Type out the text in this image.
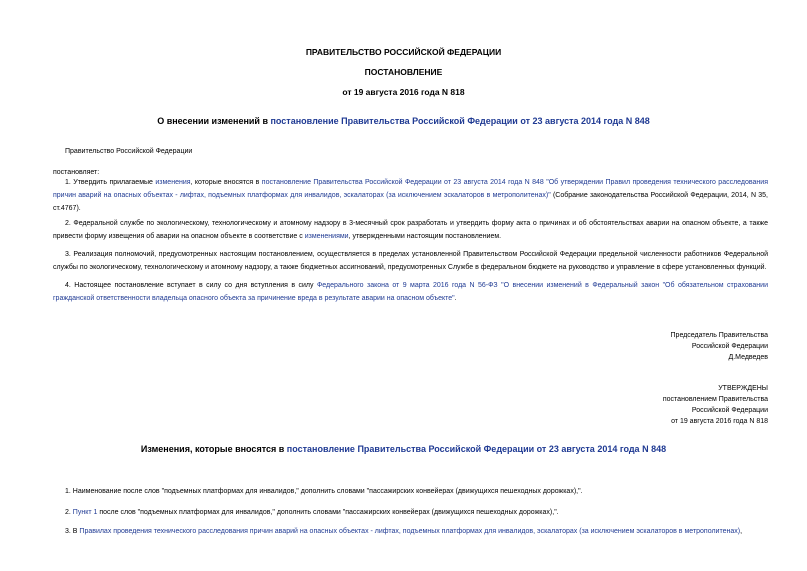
ПРАВИТЕЛЬСТВО РОССИЙСКОЙ ФЕДЕРАЦИИ
ПОСТАНОВЛЕНИЕ
от 19 августа 2016 года N 818
О внесении изменений в постановление Правительства Российской Федерации от 23 августа 2014 года N 848
Правительство Российской Федерации
постановляет:
1. Утвердить прилагаемые изменения, которые вносятся в постановление Правительства Российской Федерации от 23 августа 2014 года N 848 "Об утверждении Правил проведения технического расследования причин аварий на опасных объектах - лифтах, подъемных платформах для инвалидов, эскалаторах (за исключением эскалаторов в метрополитенах)" (Собрание законодательства Российской Федерации, 2014, N 35, ст.4767).
2. Федеральной службе по экологическому, технологическому и атомному надзору в 3-месячный срок разработать и утвердить форму акта о причинах и об обстоятельствах аварии на опасном объекте, а также привести форму извещения об аварии на опасном объекте в соответствие с изменениями, утвержденными настоящим постановлением.
3. Реализация полномочий, предусмотренных настоящим постановлением, осуществляется в пределах установленной Правительством Российской Федерации предельной численности работников Федеральной службы по экологическому, технологическому и атомному надзору, а также бюджетных ассигнований, предусмотренных Службе в федеральном бюджете на руководство и управление в сфере установленных функций.
4. Настоящее постановление вступает в силу со дня вступления в силу Федерального закона от 9 марта 2016 года N 56-ФЗ "О внесении изменений в Федеральный закон "Об обязательном страховании гражданской ответственности владельца опасного объекта за причинение вреда в результате аварии на опасном объекте".
Председатель Правительства
Российской Федерации
Д.Медведев
УТВЕРЖДЕНЫ
постановлением Правительства
Российской Федерации
от 19 августа 2016 года N 818
Изменения, которые вносятся в постановление Правительства Российской Федерации от 23 августа 2014 года N 848
1. Наименование после слов "подъемных платформах для инвалидов," дополнить словами "пассажирских конвейерах (движущихся пешеходных дорожках),".
2. Пункт 1 после слов "подъемных платформах для инвалидов," дополнить словами "пассажирских конвейерах (движущихся пешеходных дорожках),".
3. В Правилах проведения технического расследования причин аварий на опасных объектах - лифтах, подъемных платформах для инвалидов, эскалаторах (за исключением эскалаторов в метрополитенах),
